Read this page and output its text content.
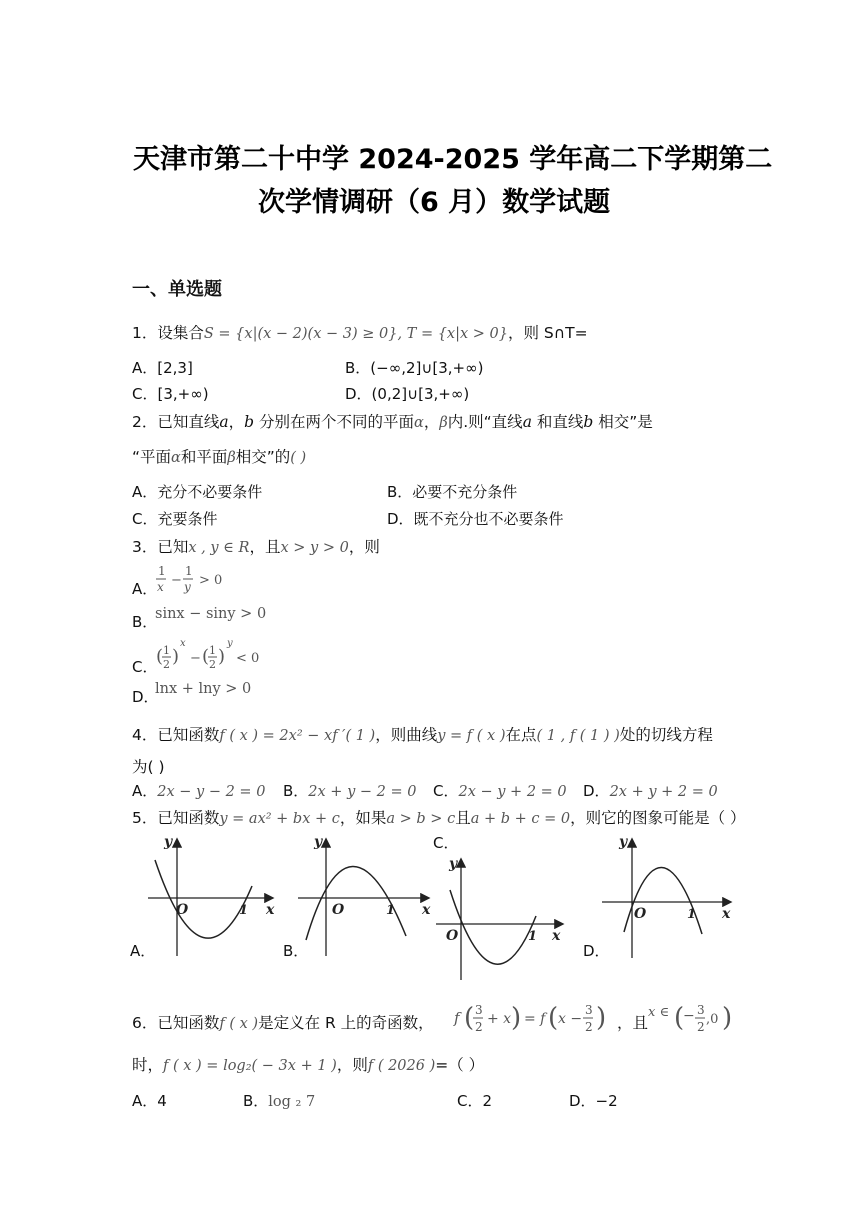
天津市第二十中学 2024-2025 学年高二下学期第二
次学情调研（6 月）数学试题
一、单选题
1．设集合S = {x|(x − 2)(x − 3) ≥ 0}, T = {x|x > 0}，则 S∩T=
A．[2,3]	B．(−∞,2]∪[3,+∞)
C．[3,+∞)	D．(0,2]∪[3,+∞)
2．已知直线a，b 分别在两个不同的平面α，β内.则“直线a 和直线b 相交”是
“平面α和平面β相交”的( )
A．充分不必要条件	B．必要不充分条件
C．充要条件	D．既不充分也不必要条件
3．已知x , y ∈ R，且x > y > 0，则
A．
1
x −
1
y > 0
B．
sinx − siny > 0
C．
( 1
2 )
x
− ( 1
2 )
y
< 0
D．
lnx + lny > 0
4．已知函数f ( x ) = 2x² − xf ′( 1 )，则曲线y = f ( x )在点( 1 , f ( 1 ) )处的切线方程
为( )
A．2x − y − 2 = 0 B．2x + y − 2 = 0 C．2x − y + 2 = 0 D．2x + y + 2 = 0
5．已知函数y = ax² + bx + c，如果a > b > c且a + b + c = 0，则它的图象可能是（ ）
y
x
O	1
A．
y
x
O	1
B．
C．
y
x
O	1
y
x
O	1
D．
6．已知函数f ( x )是定义在 R 上的奇函数， f ( 3
2 + x ) = f ( x −
3
2 ) ，且
x ∈ (
− 3
2 ,0 )
时，f ( x ) = log₂( − 3x + 1 )，则f ( 2026 )=（ ）
A．4	B．log ₂ 7	C．2	D．−2
